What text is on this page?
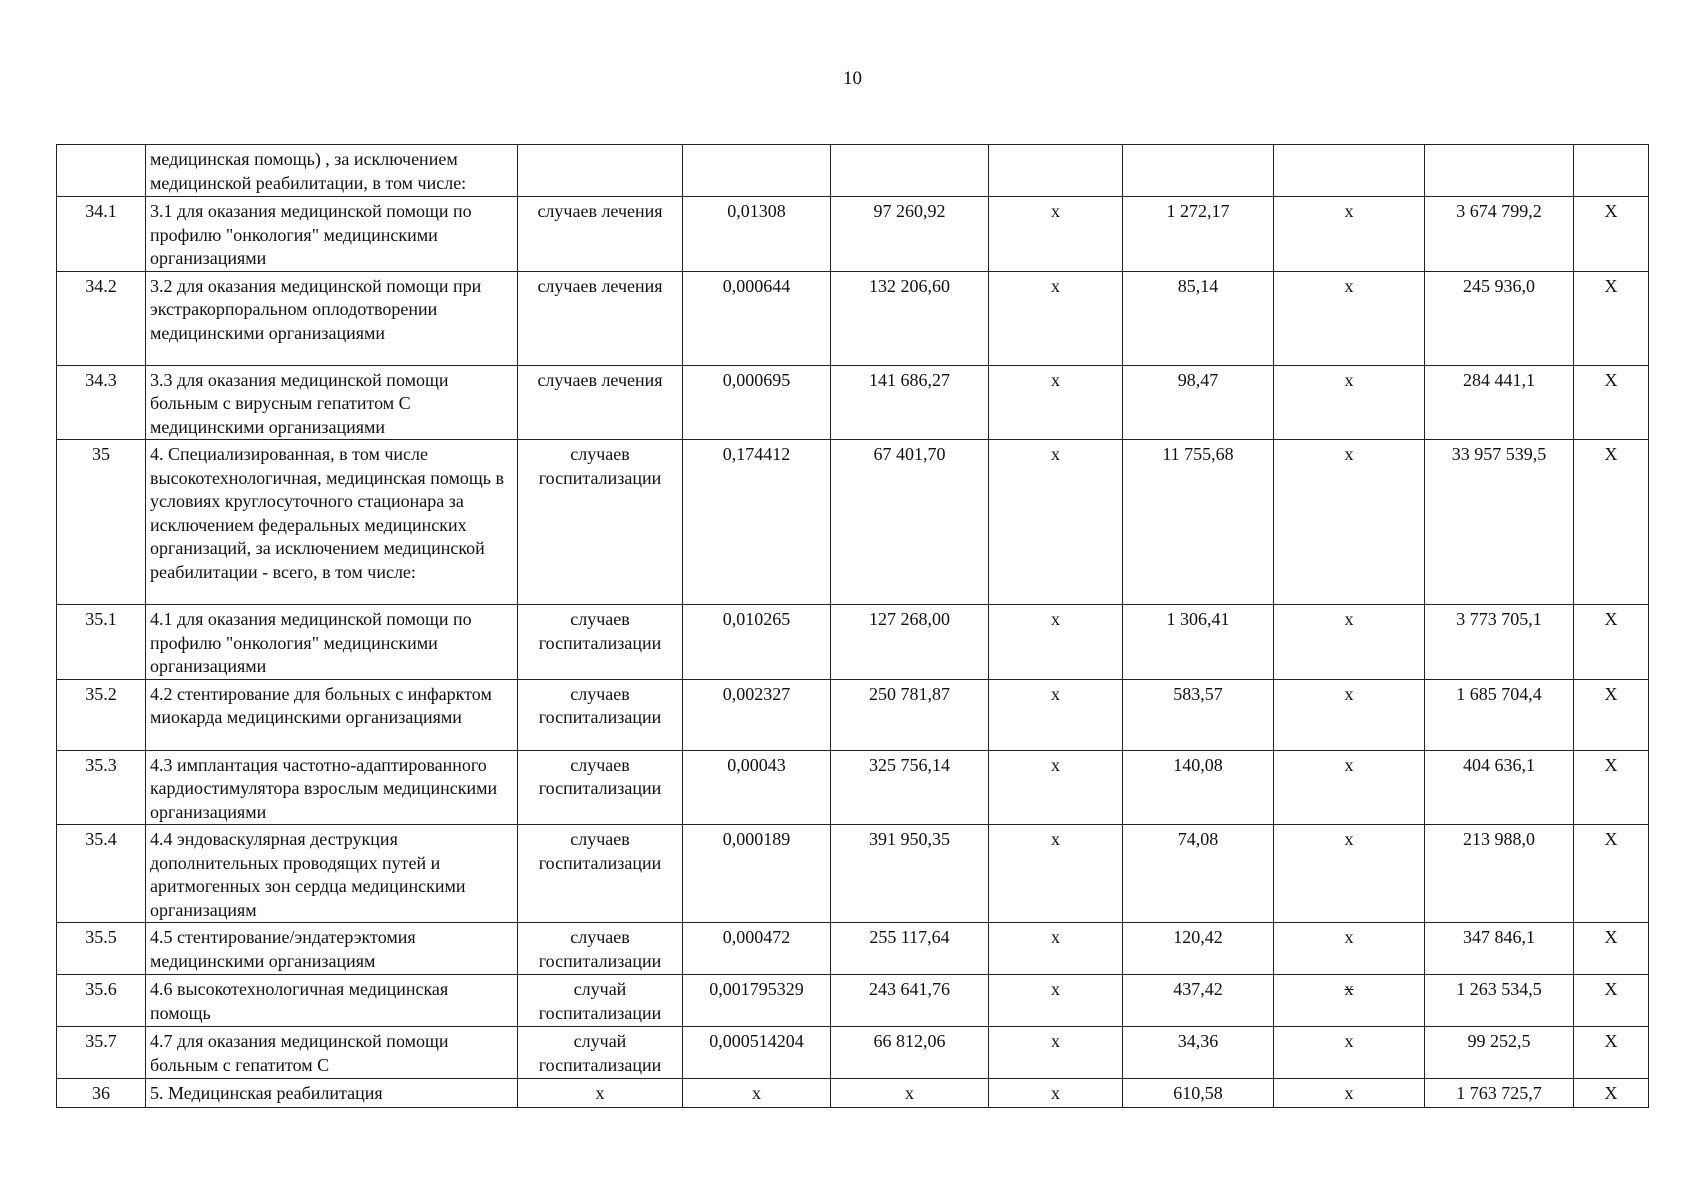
10
	медицинская помощь) , за исключением медицинской реабилитации, в том числе:								
34.1	3.1 для оказания медицинской помощи по профилю "онкология" медицинскими организациями	случаев лечения	0,01308	97 260,92	х	1 272,17	х	3 674 799,2	Х
34.2	3.2 для оказания медицинской помощи при экстракорпоральном оплодотворении медицинскими организациями	случаев лечения	0,000644	132 206,60	х	85,14	х	245 936,0	Х
34.3	3.3 для оказания медицинской помощи больным с вирусным гепатитом С медицинскими организациями	случаев лечения	0,000695	141 686,27	х	98,47	х	284 441,1	Х
35	4. Специализированная, в том числе высокотехнологичная, медицинская помощь в условиях круглосуточного стационара за исключением федеральных медицинских организаций, за исключением медицинской реабилитации - всего, в том числе:	случаев госпитализации	0,174412	67 401,70	х	11 755,68	х	33 957 539,5	Х
35.1	4.1 для оказания медицинской помощи по профилю "онкология" медицинскими организациями	случаев госпитализации	0,010265	127 268,00	х	1 306,41	х	3 773 705,1	Х
35.2	4.2 стентирование для больных с инфарктом миокарда медицинскими организациями	случаев госпитализации	0,002327	250 781,87	х	583,57	х	1 685 704,4	Х
35.3	4.3 имплантация частотно-адаптированного кардиостимулятора взрослым медицинскими организациями	случаев госпитализации	0,00043	325 756,14	х	140,08	х	404 636,1	Х
35.4	4.4 эндоваскулярная деструкция дополнительных проводящих путей и аритмогенных зон сердца медицинскими организациям	случаев госпитализации	0,000189	391 950,35	х	74,08	х	213 988,0	Х
35.5	4.5 стентирование/эндатерэктомия медицинскими организациям	случаев госпитализации	0,000472	255 117,64	х	120,42	х	347 846,1	Х
35.6	4.6 высокотехнологичная медицинская помощь	случай госпитализации	0,001795329	243 641,76	х	437,42	х	1 263 534,5	Х
35.7	4.7 для оказания медицинской помощи больным с гепатитом С	случай госпитализации	0,000514204	66 812,06	х	34,36	х	99 252,5	Х
36	5. Медицинская реабилитация	х	х	х	х	610,58	х	1 763 725,7	Х
